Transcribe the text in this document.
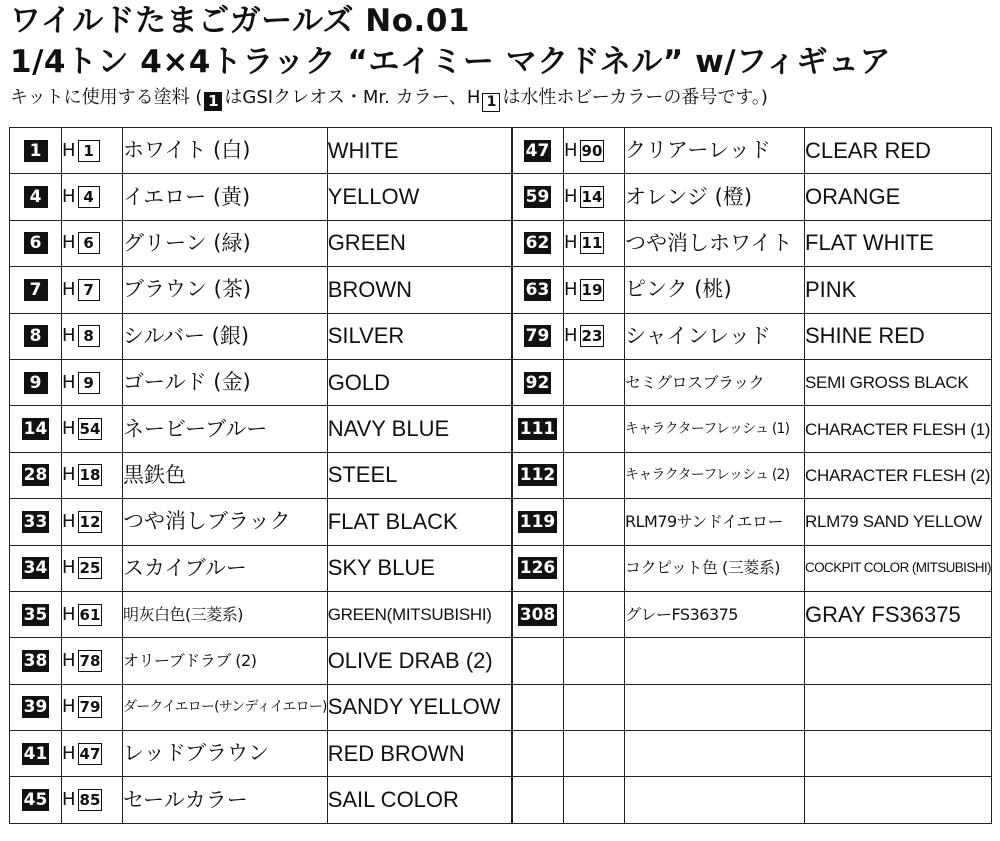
ワイルドたまごガールズ No.01
1/4トン 4×4トラック “エイミー マクドネル” w/フィギュア
キットに使用する塗料 ( 1 はGSIクレオス・Mr. カラー、H 1 は水性ホビーカラーの番号です。)
1	H 1	ホワイト (白)	WHITE
4	H 4	イエロー (黄)	YELLOW
6	H 6	グリーン (緑)	GREEN
7	H 7	ブラウン (茶)	BROWN
8	H 8	シルバー (銀)	SILVER
9	H 9	ゴールド (金)	GOLD
14	H 54	ネービーブルー	NAVY BLUE
28	H 18	黒鉄色	STEEL
33	H 12	つや消しブラック	FLAT BLACK
34	H 25	スカイブルー	SKY BLUE
35	H 61	明灰白色(三菱系)	GREEN(MITSUBISHI)
38	H 78	オリーブドラブ (2)	OLIVE DRAB (2)
39	H 79	ダークイエロー(サンディイエロー)	SANDY YELLOW
41	H 47	レッドブラウン	RED BROWN
45	H 85	セールカラー	SAIL COLOR
47	H 90	クリアーレッド	CLEAR RED
59	H 14	オレンジ (橙)	ORANGE
62	H 11	つや消しホワイト	FLAT WHITE
63	H 19	ピンク (桃)	PINK
79	H 23	シャインレッド	SHINE RED
92		セミグロスブラック	SEMI GROSS BLACK
111		キャラクターフレッシュ (1)	CHARACTER FLESH (1)
112		キャラクターフレッシュ (2)	CHARACTER FLESH (2)
119		RLM79サンドイエロー	RLM79 SAND YELLOW
126		コクピット色 (三菱系)	COCKPIT COLOR (MITSUBISHI)
308		グレーFS36375	GRAY FS36375
